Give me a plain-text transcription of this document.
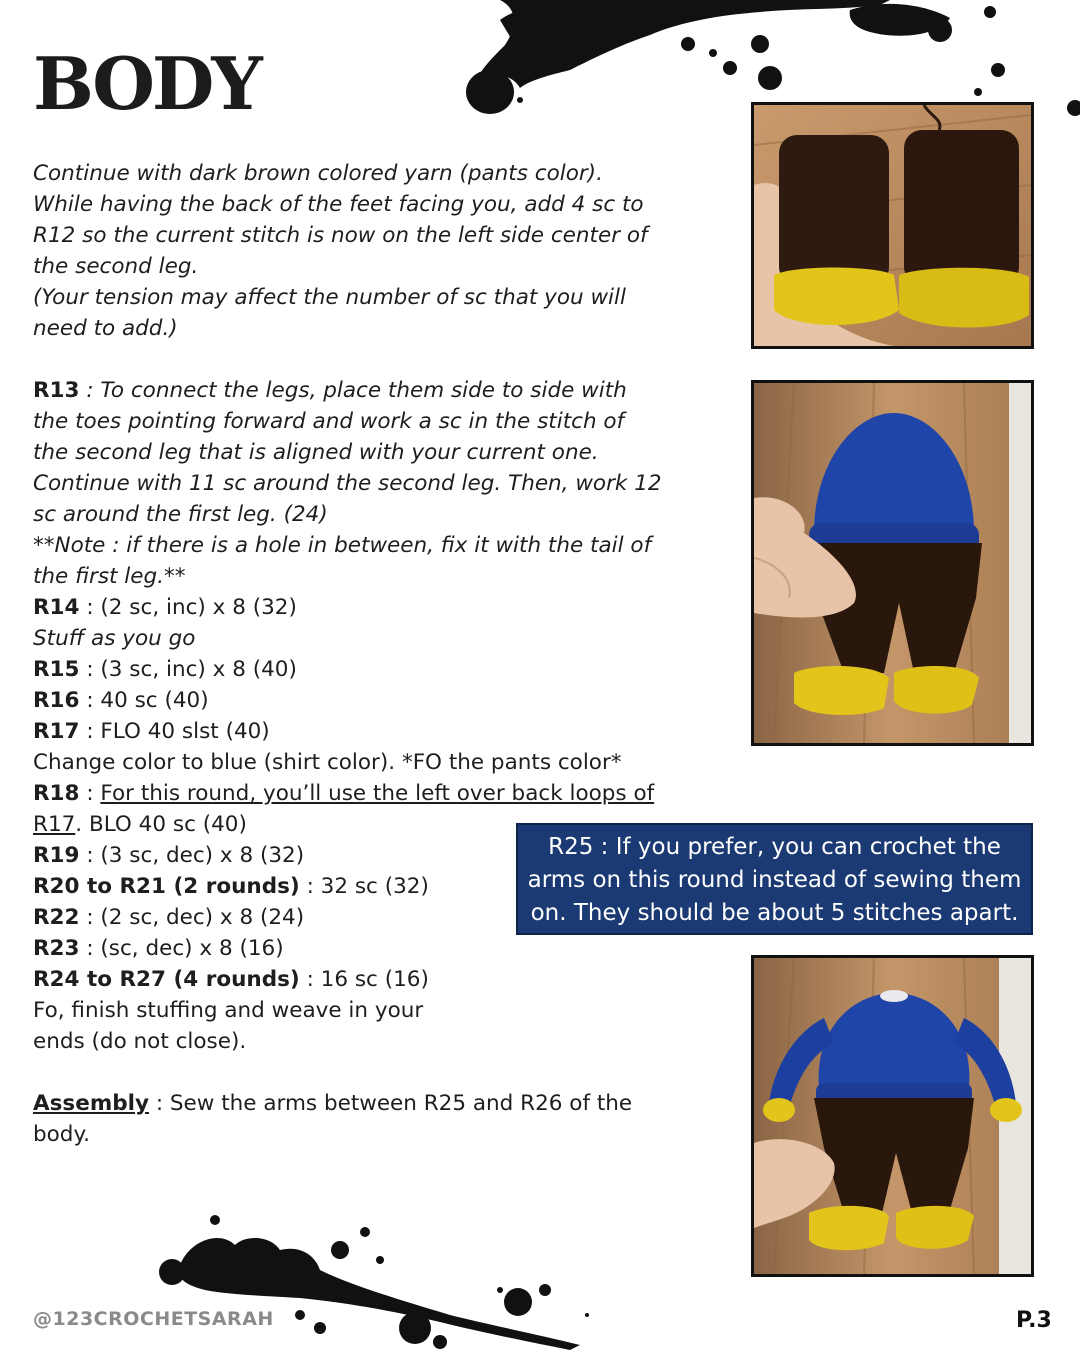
BODY
Continue with dark brown colored yarn (pants color).
While having the back of the feet facing you, add 4 sc to
R12 so the current stitch is now on the left side center of
the second leg.
(Your tension may affect the number of sc that you will
need to add.)
R13 : To connect the legs, place them side to side with
the toes pointing forward and work a sc in the stitch of
the second leg that is aligned with your current one.
Continue with 11 sc around the second leg. Then, work 12
sc around the first leg. (24)
**Note : if there is a hole in between, fix it with the tail of
the first leg.**
R14 : (2 sc, inc) x 8 (32)
Stuff as you go
R15 : (3 sc, inc) x 8 (40)
R16 : 40 sc (40)
R17 : FLO 40 slst (40)
Change color to blue (shirt color). *FO the pants color*
R18 : For this round, you’ll use the left over back loops of
R17. BLO 40 sc (40)
R19 : (3 sc, dec) x 8 (32)
R20 to R21 (2 rounds) : 32 sc (32)
R22 : (2 sc, dec) x 8 (24)
R23 : (sc, dec) x 8 (16)
R24 to R27 (4 rounds) : 16 sc (16)
Fo, finish stuffing and weave in your
ends (do not close).
Assembly : Sew the arms between R25 and R26 of the
body.
R25 : If you prefer, you can crochet the
arms on this round instead of sewing them
on. They should be about 5 stitches apart.
@123CROCHETSARAH	P.3
